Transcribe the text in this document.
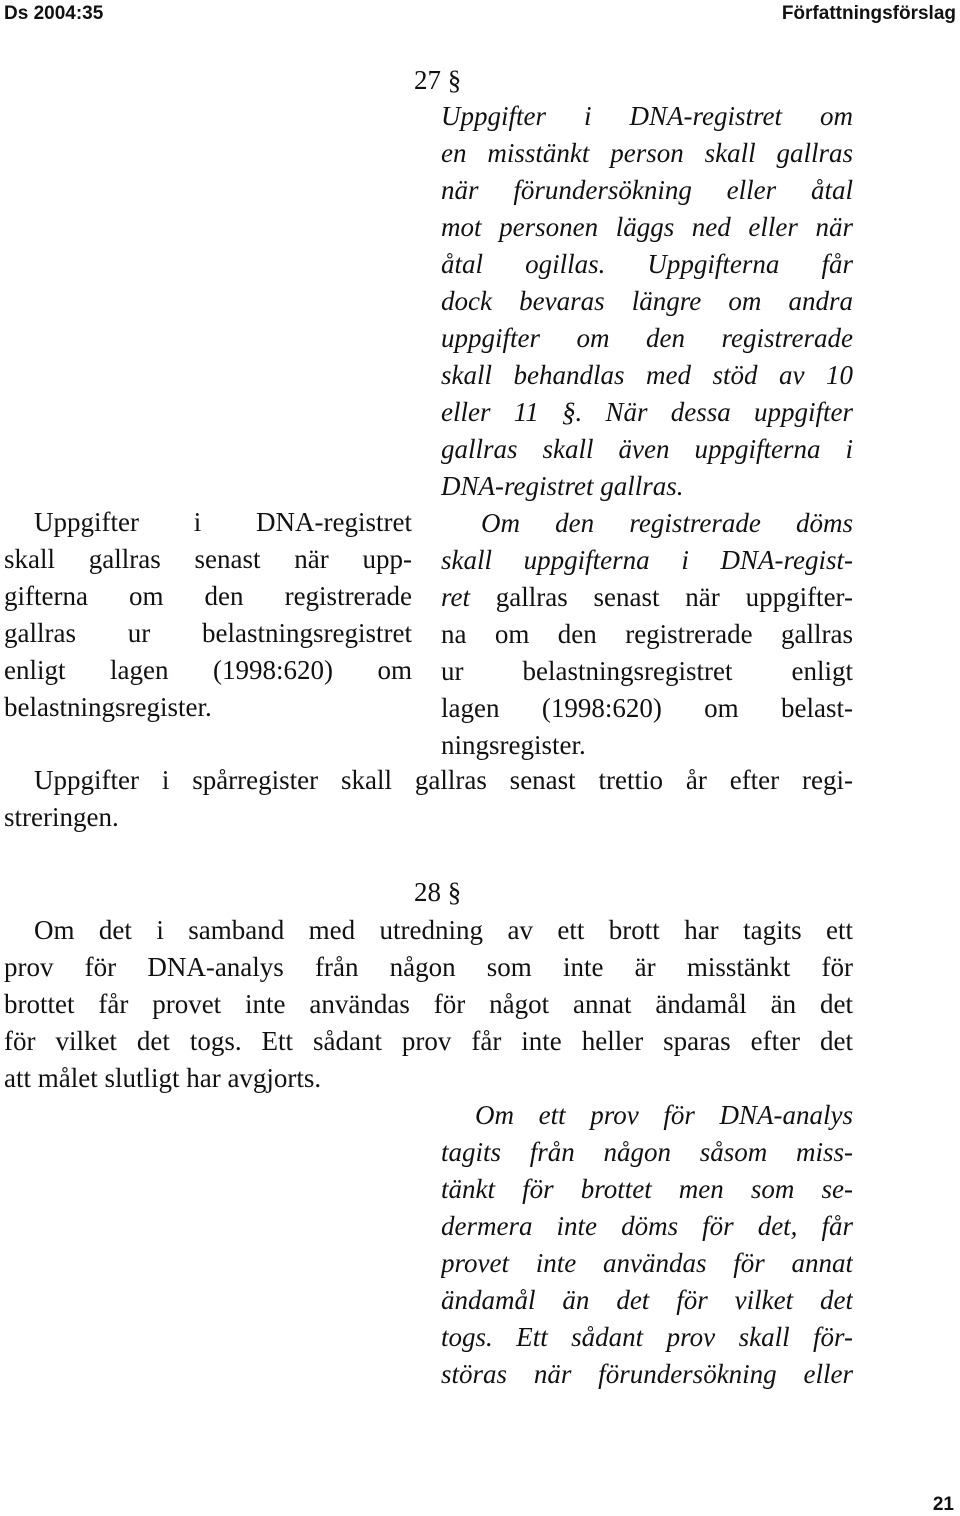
Ds 2004:35	Författningsförslag
27 §
Uppgifter i DNA-registret om
en misstänkt person skall gallras
när förundersökning eller åtal
mot personen läggs ned eller när
åtal ogillas. Uppgifterna får
dock bevaras längre om andra
uppgifter om den registrerade
skall behandlas med stöd av 10
eller 11 §. När dessa uppgifter
gallras skall även uppgifterna i
DNA-registret gallras.
Om den registrerade döms
skall uppgifterna i DNA-regist-
ret gallras senast när uppgifter-
na om den registrerade gallras
ur belastningsregistret enligt
lagen (1998:620) om belast-
ningsregister.
Uppgifter i DNA-registret
skall gallras senast när upp-
gifterna om den registrerade
gallras ur belastningsregistret
enligt lagen (1998:620) om
belastningsregister.
Uppgifter i spårregister skall gallras senast trettio år efter regi-
streringen.
28 §
Om det i samband med utredning av ett brott har tagits ett
prov för DNA-analys från någon som inte är misstänkt för
brottet får provet inte användas för något annat ändamål än det
för vilket det togs. Ett sådant prov får inte heller sparas efter det
att målet slutligt har avgjorts.
Om ett prov för DNA-analys
tagits från någon såsom miss-
tänkt för brottet men som se-
dermera inte döms för det, får
provet inte användas för annat
ändamål än det för vilket det
togs. Ett sådant prov skall för-
störas när förundersökning eller
21
